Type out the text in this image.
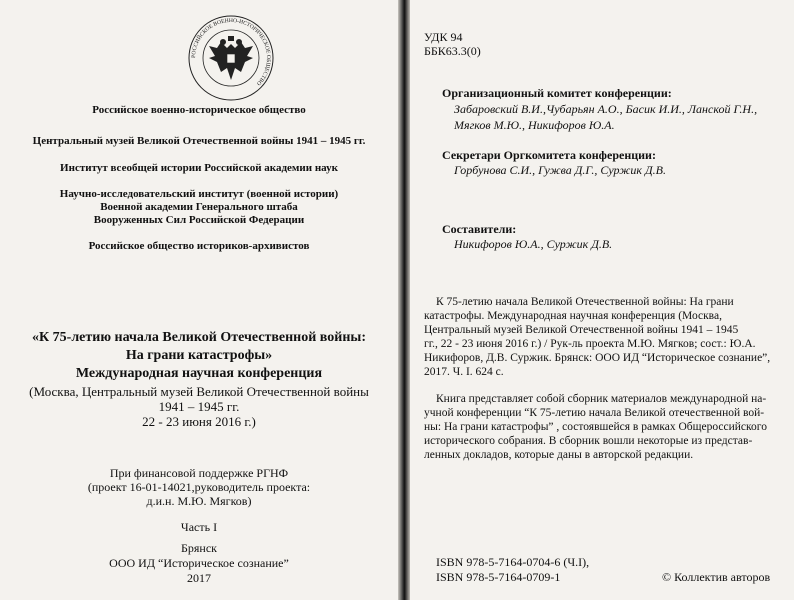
РОССИЙСКОЕ ВОЕННО-ИСТОРИЧЕСКОЕ ОБЩЕСТВО
Российское военно-историческое общество
Центральный музей Великой Отечественной войны 1941 – 1945 гг.
Институт всеобщей истории Российской академии наук
Научно-исследовательский институт (военной истории)
Военной академии Генерального штаба
Вооруженных Сил Российской Федерации
Российское общество историков-архивистов
«К 75-летию начала Великой Отечественной войны:
На грани катастрофы»
Международная научная конференция
(Москва, Центральный музей Великой Отечественной войны
1941 – 1945 гг.
22 - 23 июня 2016 г.)
При финансовой поддержке РГНФ
(проект 16-01-14021,руководитель проекта:
д.и.н. М.Ю. Мягков)
Часть I
Брянск
ООО ИД “Историческое сознание”
2017
УДК 94
ББК63.3(0)
Организационный комитет конференции:
Забаровский В.И.,Чубарьян А.О., Басик И.И., Ланской Г.Н.,
Мягков М.Ю., Никифоров Ю.А.
Секретари Оргкомитета конференции:
Горбунова С.И., Гужва Д.Г., Суржик Д.В.
Составители:
Никифоров Ю.А., Суржик Д.В.
К 75-летию начала Великой Отечественной войны: На грани
катастрофы. Международная научная конференция (Москва,
Центральный музей Великой Отечественной войны 1941 – 1945
гг., 22 - 23 июня 2016 г.) / Рук-ль проекта М.Ю. Мягков; сост.: Ю.А.
Никифоров, Д.В. Суржик. Брянск: ООО ИД “Историческое сознание”,
2017. Ч. I. 624 с.
Книга представляет собой сборник материалов международной на-
учной конференции “К 75-летию начала Великой отечественной вой-
ны: На грани катастрофы” , состоявшейся в рамках Общероссийского
исторического собрания. В сборник вошли некоторые из представ-
ленных докладов, которые даны в авторской редакции.
ISBN 978-5-7164-0704-6 (Ч.I),
ISBN 978-5-7164-0709-1	© Коллектив авторов
